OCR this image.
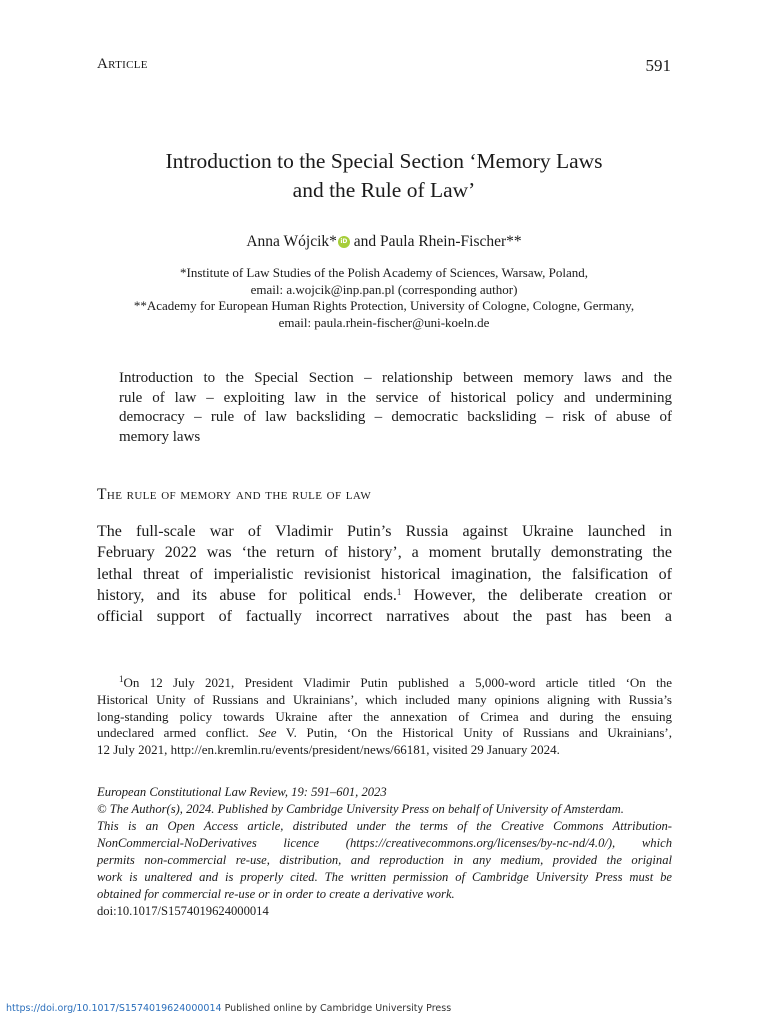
Article	591
Introduction to the Special Section ‘Memory Laws
and the Rule of Law’
Anna Wójcik* iD and Paula Rhein-Fischer**
*Institute of Law Studies of the Polish Academy of Sciences, Warsaw, Poland,
email: a.wojcik@inp.pan.pl (corresponding author)
**Academy for European Human Rights Protection, University of Cologne, Cologne, Germany,
email: paula.rhein-fischer@uni-koeln.de
Introduction to the Special Section – relationship between memory laws and the
rule of law – exploiting law in the service of historical policy and undermining
democracy – rule of law backsliding – democratic backsliding – risk of abuse of
memory laws
The rule of memory and the rule of law
The full-scale war of Vladimir Putin’s Russia against Ukraine launched in
February 2022 was ‘the return of history’, a moment brutally demonstrating the
lethal threat of imperialistic revisionist historical imagination, the falsification of
history, and its abuse for political ends.$^1$ However, the deliberate creation or
official support of factually incorrect narratives about the past has been a
$^1$On 12 July 2021, President Vladimir Putin published a 5,000-word article titled ‘On the
Historical Unity of Russians and Ukrainians’, which included many opinions aligning with Russia’s
long-standing policy towards Ukraine after the annexation of Crimea and during the ensuing
undeclared armed conflict. See V. Putin, ‘On the Historical Unity of Russians and Ukrainians’,
12 July 2021, http://en.kremlin.ru/events/president/news/66181, visited 29 January 2024.
European Constitutional Law Review, 19: 591–601, 2023
© The Author(s), 2024. Published by Cambridge University Press on behalf of University of Amsterdam.
This is an Open Access article, distributed under the terms of the Creative Commons Attribution-
NonCommercial-NoDerivatives licence (https://creativecommons.org/licenses/by-nc-nd/4.0/), which
permits non-commercial re-use, distribution, and reproduction in any medium, provided the original
work is unaltered and is properly cited. The written permission of Cambridge University Press must be
obtained for commercial re-use or in order to create a derivative work.
doi:10.1017/S1574019624000014
https://doi.org/10.1017/S1574019624000014 Published online by Cambridge University Press
